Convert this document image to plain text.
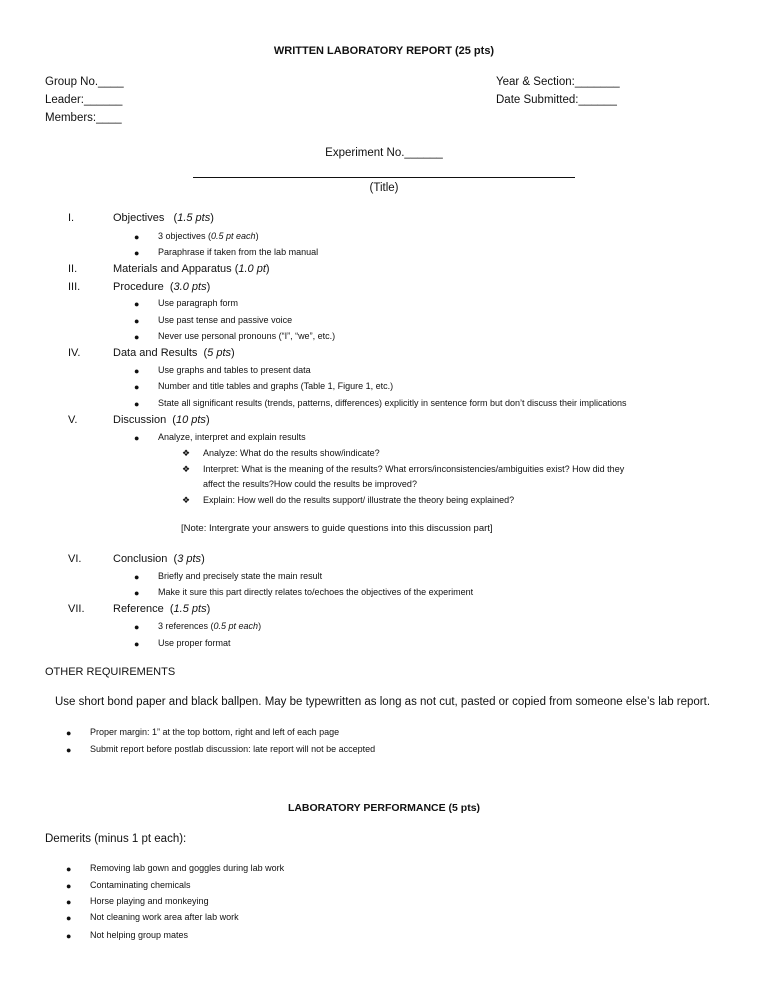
WRITTEN LABORATORY REPORT (25 pts)
Group No.____
Leader:______
Members:____
Year & Section:_______
Date Submitted:______
Experiment No.______
(Title)
I.	Objectives   (1.5 pts)
● 3 objectives (0.5 pt each)
● Paraphrase if taken from the lab manual
II.	Materials and Apparatus (1.0 pt)
III.	Procedure  (3.0 pts)
● Use paragraph form
● Use past tense and passive voice
● Never use personal pronouns (“I”, “we”, etc.)
IV.	Data and Results  (5 pts)
● Use graphs and tables to present data
● Number and title tables and graphs (Table 1, Figure 1, etc.)
● State all significant results (trends, patterns, differences) explicitly in sentence form but don’t discuss their implications
V.	Discussion  (10 pts)
● Analyze, interpret and explain results
❖ Analyze: What do the results show/indicate?
❖ Interpret: What is the meaning of the results? What errors/inconsistencies/ambiguities exist? How did they
affect the results?How could the results be improved?
❖ Explain: How well do the results support/ illustrate the theory being explained?
[Note: Intergrate your answers to guide questions into this discussion part]
VI.	Conclusion  (3 pts)
● Briefly and precisely state the main result
● Make it sure this part directly relates to/echoes the objectives of the experiment
VII.	Reference  (1.5 pts)
● 3 references (0.5 pt each)
● Use proper format
OTHER REQUIREMENTS
Use short bond paper and black ballpen. May be typewritten as long as not cut, pasted or copied from someone else’s lab report.
● Proper margin: 1” at the top bottom, right and left of each page
● Submit report before postlab discussion: late report will not be accepted
LABORATORY PERFORMANCE (5 pts)
Demerits (minus 1 pt each):
● Removing lab gown and goggles during lab work
● Contaminating chemicals
● Horse playing and monkeying
● Not cleaning work area after lab work
● Not helping group mates
